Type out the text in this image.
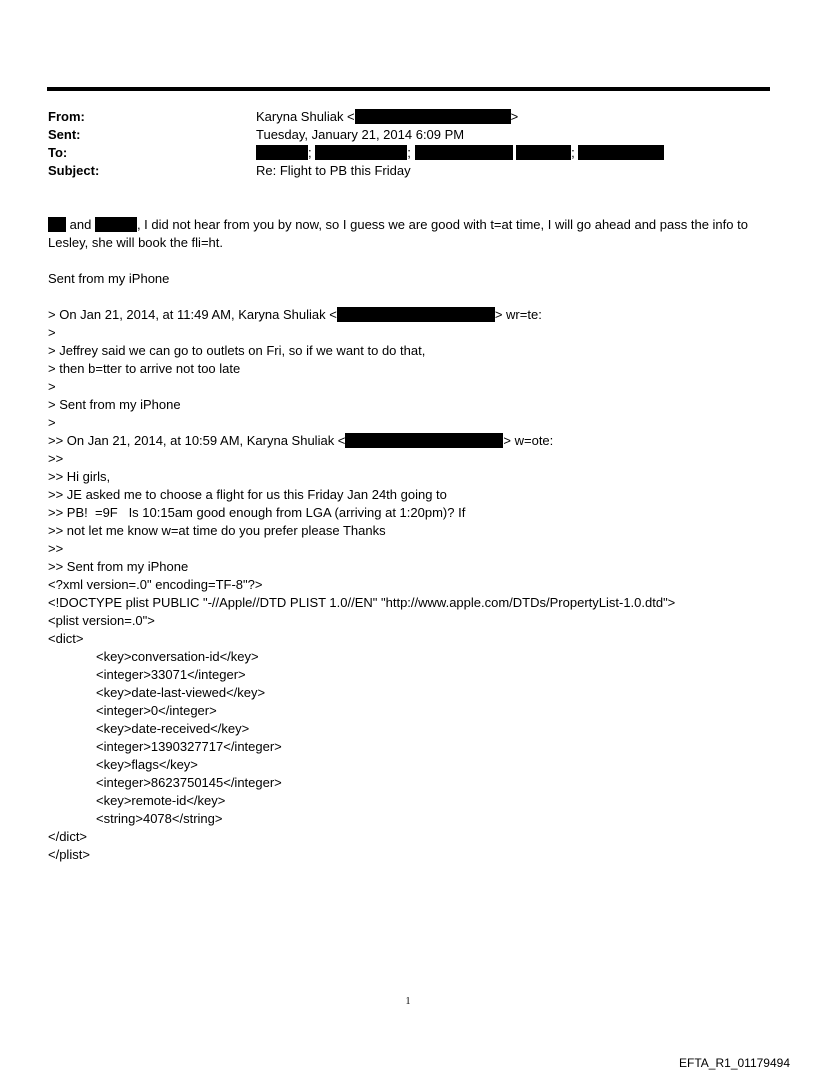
From:	Karyna Shuliak <	>
Sent:	Tuesday, January 21, 2014 6:09 PM
To:	;	;	;
Subject:	Re: Flight to PB this Friday
and	, I did not hear from you by now, so I guess we are good with t=at time, I will go ahead and pass the info to Lesley, she will book the fli=ht.
Sent from my iPhone
> On Jan 21, 2014, at 11:49 AM, Karyna Shuliak <	> wr=te:
>
> Jeffrey said we can go to outlets on Fri, so if we want to do that,
> then b=tter to arrive not too late
>
> Sent from my iPhone
>
>> On Jan 21, 2014, at 10:59 AM, Karyna Shuliak <	> w=ote:
>>
>> Hi girls,
>> JE asked me to choose a flight for us this Friday Jan 24th going to
>> PB!  =9F   Is 10:15am good enough from LGA (arriving at 1:20pm)? If
>> not let me know w=at time do you prefer please Thanks
>>
>> Sent from my iPhone
<?xml version=.0" encoding=TF-8"?>
<!DOCTYPE plist PUBLIC "-//Apple//DTD PLIST 1.0//EN" "http://www.apple.com/DTDs/PropertyList-1.0.dtd">
<plist version=.0">
<dict>
<key>conversation-id</key>
<integer>33071</integer>
<key>date-last-viewed</key>
<integer>0</integer>
<key>date-received</key>
<integer>1390327717</integer>
<key>flags</key>
<integer>8623750145</integer>
<key>remote-id</key>
<string>4078</string>
</dict>
</plist>
1
EFTA_R1_01179494
